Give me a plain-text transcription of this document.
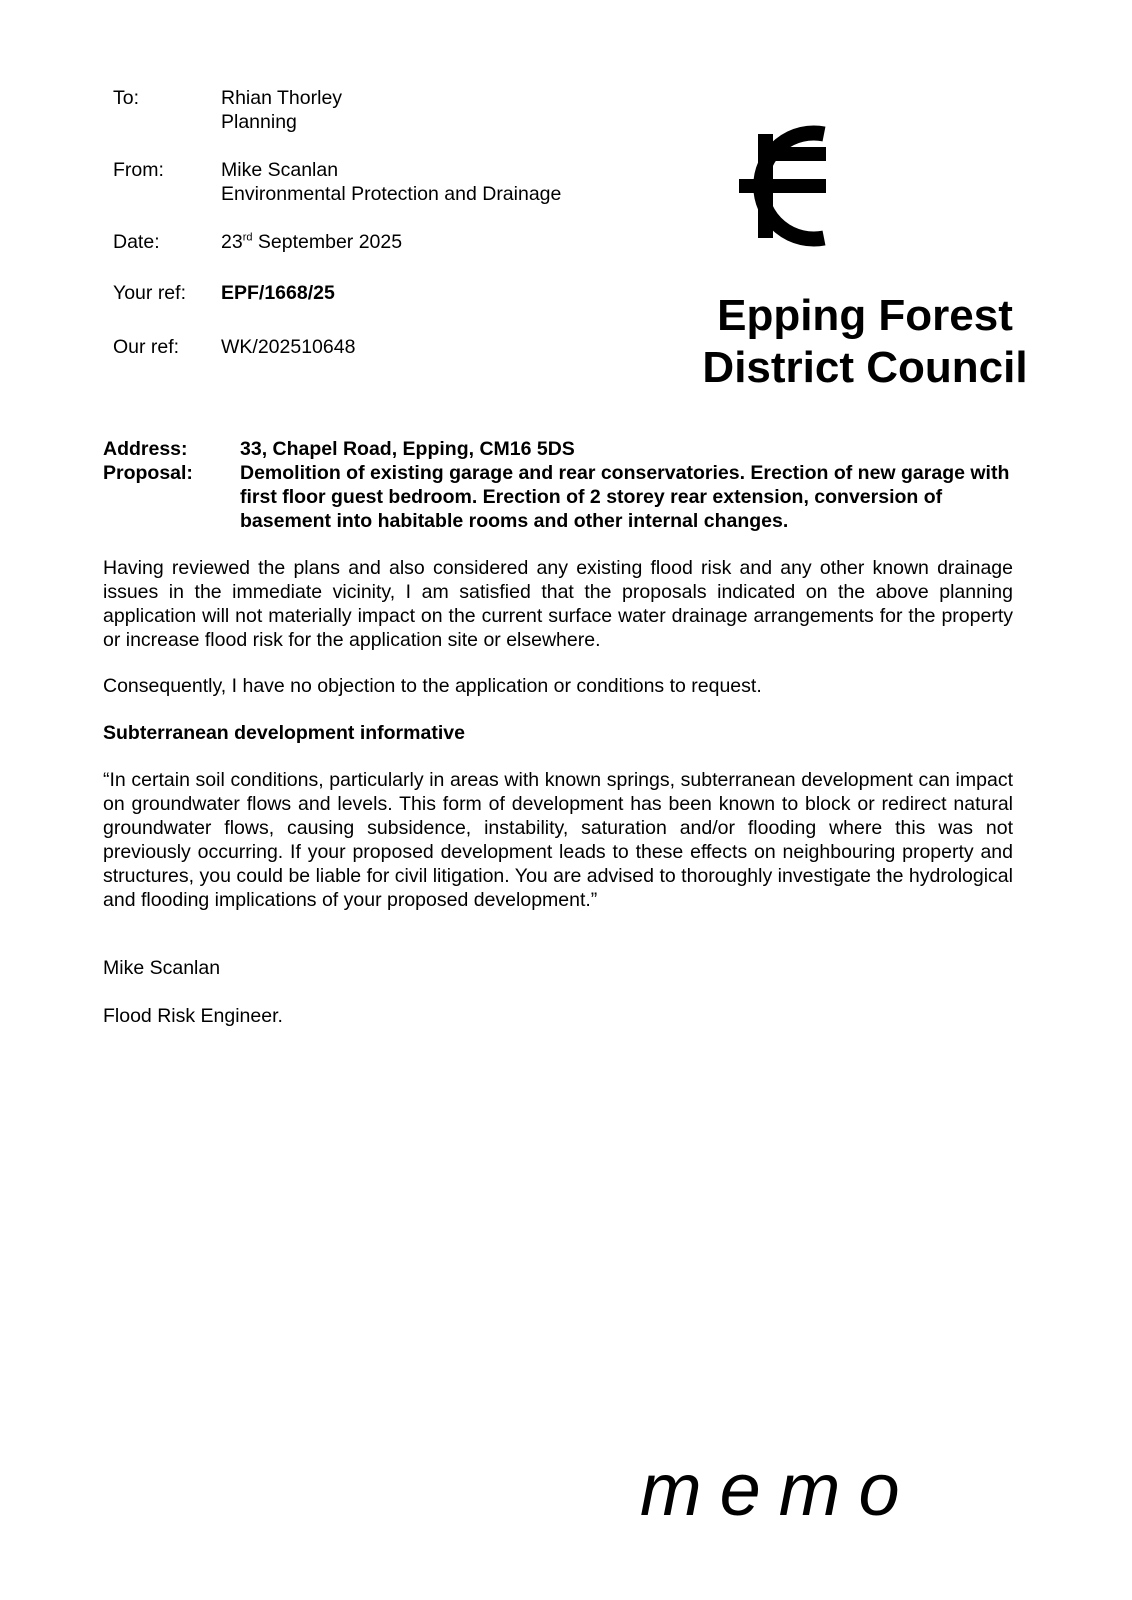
To:	Rhian Thorley
Planning
From:	Mike Scanlan
Environmental Protection and Drainage
Date:	23rd September 2025
Your ref: EPF/1668/25
Our ref: WK/202510648
Epping Forest
District Council
Address:	33, Chapel Road, Epping, CM16 5DS
Proposal: Demolition of existing garage and rear conservatories. Erection of new garage with first floor guest bedroom. Erection of 2 storey rear extension, conversion of basement into habitable rooms and other internal changes.
Having reviewed the plans and also considered any existing flood risk and any other known drainage issues in the immediate vicinity, I am satisfied that the proposals indicated on the above planning application will not materially impact on the current surface water drainage arrangements for the property or increase flood risk for the application site or elsewhere.
Consequently, I have no objection to the application or conditions to request.
Subterranean development informative
“In certain soil conditions, particularly in areas with known springs, subterranean development can impact on groundwater flows and levels. This form of development has been known to block or redirect natural groundwater flows, causing subsidence, instability, saturation and/or flooding where this was not previously occurring. If your proposed development leads to these effects on neighbouring property and structures, you could be liable for civil litigation. You are advised to thoroughly investigate the hydrological and flooding implications of your proposed development.”
Mike Scanlan
Flood Risk Engineer.
memo
